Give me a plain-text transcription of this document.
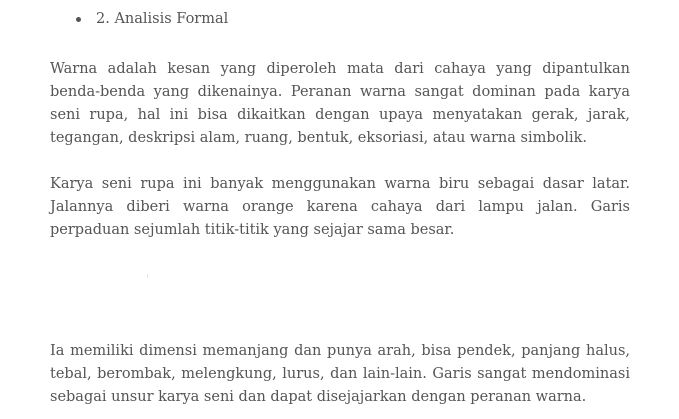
2. Analisis Formal

Warna adalah kesan yang diperoleh mata dari cahaya yang dipantulkan benda-benda yang dikenainya. Peranan warna sangat dominan pada karya seni rupa, hal ini bisa dikaitkan dengan upaya menyatakan gerak, jarak, tegangan, deskripsi alam, ruang, bentuk, eksoriasi, atau warna simbolik.

Karya seni rupa ini banyak menggunakan warna biru sebagai dasar latar. Jalannya diberi warna orange karena cahaya dari lampu jalan. Garis perpaduan sejumlah titik-titik yang sejajar sama besar.

Ia memiliki dimensi memanjang dan punya arah, bisa pendek, panjang halus, tebal, berombak, melengkung, lurus, dan lain-lain. Garis sangat mendominasi sebagai unsur karya seni dan dapat disejajarkan dengan peranan warna.
